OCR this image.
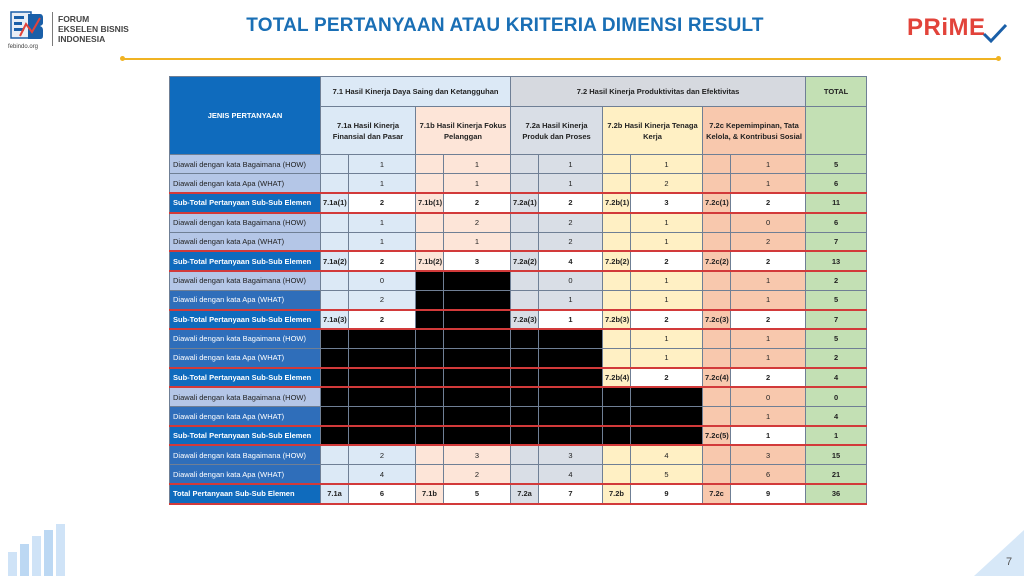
febindo.org
FORUM
EKSELEN BISNIS
INDONESIA
TOTAL PERTANYAAN ATAU KRITERIA DIMENSI RESULT	PRiME
JENIS PERTANYAAN	7.1 Hasil Kinerja Daya Saing dan Ketangguhan				7.2 Hasil Kinerja Produktivitas dan Efektivitas						TOTAL
	7.1a Hasil Kinerja Finansial dan Pasar		7.1b Hasil Kinerja Fokus Pelanggan		7.2a Hasil Kinerja Produk dan Proses		7.2b Hasil Kinerja Tenaga Kerja		7.2c Kepemimpinan, Tata Kelola, & Kontribusi Sosial		
Diawali dengan kata Bagaimana (HOW)		1		1		1		1		1	5
Diawali dengan kata Apa (WHAT)		1		1		1		2		1	6
Sub-Total Pertanyaan Sub-Sub Elemen	7.1a(1)	2	7.1b(1)	2	7.2a(1)	2	7.2b(1)	3	7.2c(1)	2	11
Diawali dengan kata Bagaimana (HOW)		1		2		2		1		0	6
Diawali dengan kata Apa (WHAT)		1		1		2		1		2	7
Sub-Total Pertanyaan Sub-Sub Elemen	7.1a(2)	2	7.1b(2)	3	7.2a(2)	4	7.2b(2)	2	7.2c(2)	2	13
Diawali dengan kata Bagaimana (HOW)		0				0		1		1	2
Diawali dengan kata Apa (WHAT)		2				1		1		1	5
Sub-Total Pertanyaan Sub-Sub Elemen	7.1a(3)	2			7.2a(3)	1	7.2b(3)	2	7.2c(3)	2	7
Diawali dengan kata Bagaimana (HOW)								1		1	5
Diawali dengan kata Apa (WHAT)								1		1	2
Sub-Total Pertanyaan Sub-Sub Elemen							7.2b(4)	2	7.2c(4)	2	4
Diawali dengan kata Bagaimana (HOW)										0	0
Diawali dengan kata Apa (WHAT)										1	4
Sub-Total Pertanyaan Sub-Sub Elemen									7.2c(5)	1	1
Diawali dengan kata Bagaimana (HOW)		2		3		3		4		3	15
Diawali dengan kata Apa (WHAT)		4		2		4		5		6	21
Total Pertanyaan Sub-Sub Elemen	7.1a	6	7.1b	5	7.2a	7	7.2b	9	7.2c	9	36
7
